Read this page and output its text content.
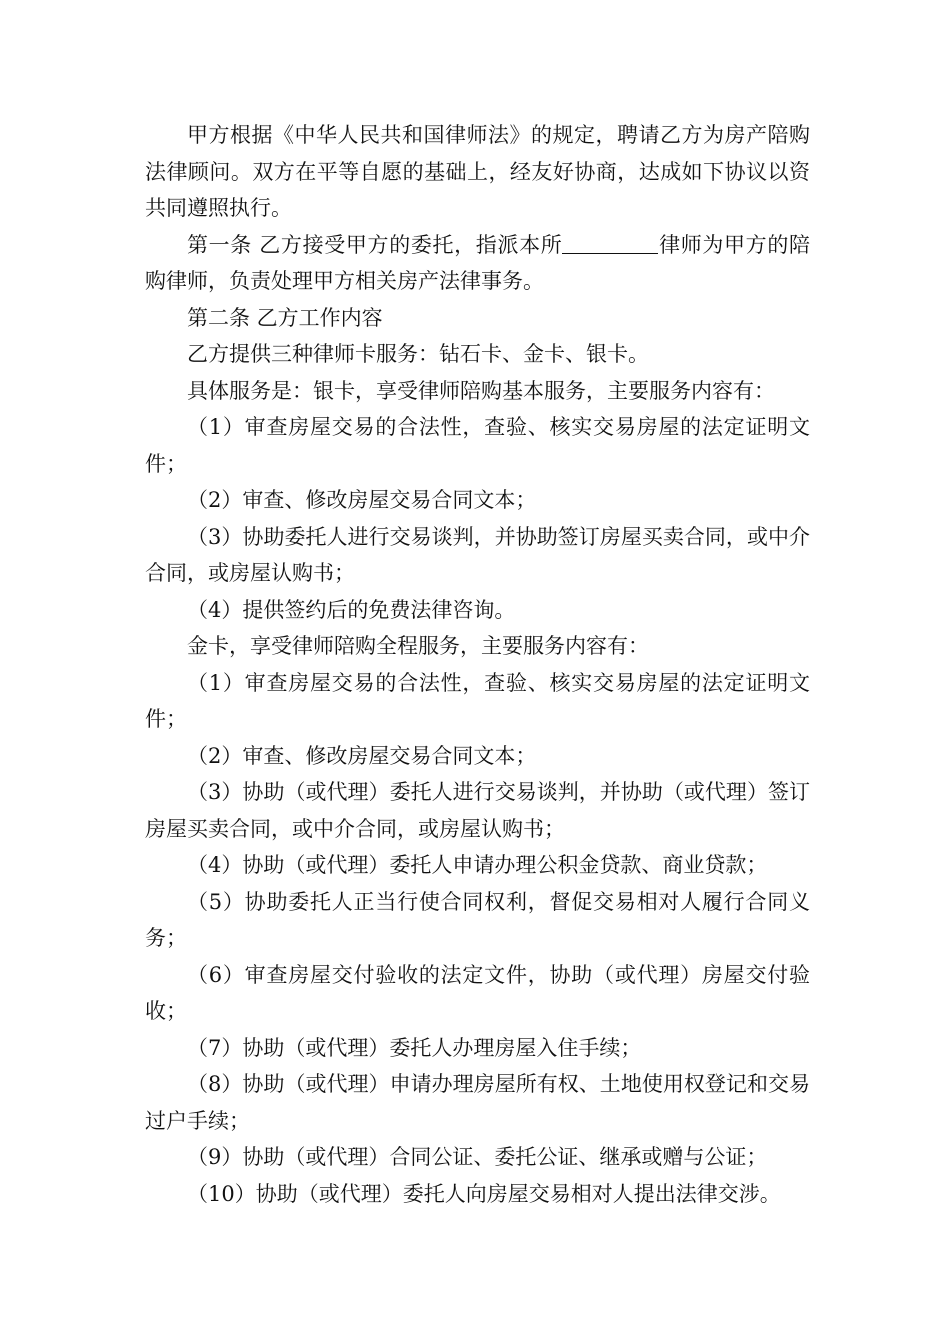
甲方根据《中华人民共和国律师法》的规定，聘请乙方为房产陪购法律顾问。双方在平等自愿的基础上，经友好协商，达成如下协议以资共同遵照执行。

第一条 乙方接受甲方的委托，指派本所	律师为甲方的陪购律师，负责处理甲方相关房产法律事务。

第二条 乙方工作内容

乙方提供三种律师卡服务：钻石卡、金卡、银卡。

具体服务是：银卡，享受律师陪购基本服务，主要服务内容有：

（1）审查房屋交易的合法性，查验、核实交易房屋的法定证明文件；

（2）审查、修改房屋交易合同文本；

（3）协助委托人进行交易谈判，并协助签订房屋买卖合同，或中介合同，或房屋认购书；

（4）提供签约后的免费法律咨询。

金卡，享受律师陪购全程服务，主要服务内容有：

（1）审查房屋交易的合法性，查验、核实交易房屋的法定证明文件；

（2）审查、修改房屋交易合同文本；

（3）协助（或代理）委托人进行交易谈判，并协助（或代理）签订房屋买卖合同，或中介合同，或房屋认购书；

（4）协助（或代理）委托人申请办理公积金贷款、商业贷款；

（5）协助委托人正当行使合同权利，督促交易相对人履行合同义务；

（6）审查房屋交付验收的法定文件，协助（或代理）房屋交付验收；

（7）协助（或代理）委托人办理房屋入住手续；

（8）协助（或代理）申请办理房屋所有权、土地使用权登记和交易过户手续；

（9）协助（或代理）合同公证、委托公证、继承或赠与公证；

（10）协助（或代理）委托人向房屋交易相对人提出法律交涉。
